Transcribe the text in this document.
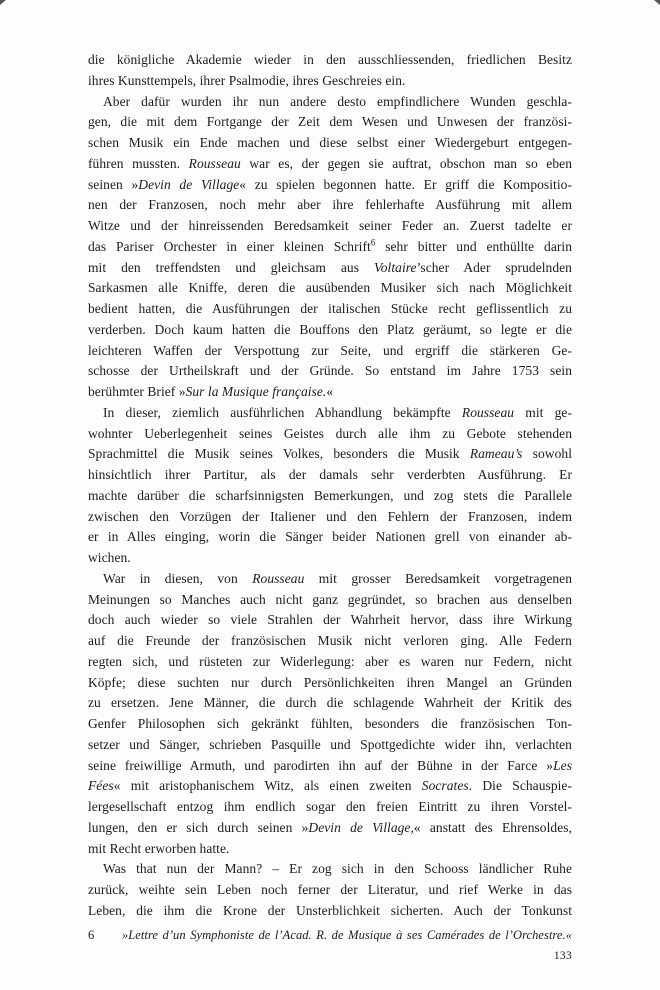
die königliche Akademie wieder in den ausschliessenden, friedlichen Besitz
ihres Kunsttempels, ihrer Psalmodie, ihres Geschreies ein.
Aber dafür wurden ihr nun andere desto empfindlichere Wunden geschla-
gen, die mit dem Fortgange der Zeit dem Wesen und Unwesen der französi-
schen Musik ein Ende machen und diese selbst einer Wiedergeburt entgegen-
führen mussten. Rousseau war es, der gegen sie auftrat, obschon man so eben
seinen »Devin de Village« zu spielen begonnen hatte. Er griff die Kompositio-
nen der Franzosen, noch mehr aber ihre fehlerhafte Ausführung mit allem
Witze und der hinreissenden Beredsamkeit seiner Feder an. Zuerst tadelte er
das Pariser Orchester in einer kleinen Schrift$^6$ sehr bitter und enthüllte darin
mit den treffendsten und gleichsam aus Voltaire’scher Ader sprudelnden
Sarkasmen alle Kniffe, deren die ausübenden Musiker sich nach Möglichkeit
bedient hatten, die Ausführungen der italischen Stücke recht geflissentlich zu
verderben. Doch kaum hatten die Bouffons den Platz geräumt, so legte er die
leichteren Waffen der Verspottung zur Seite, und ergriff die stärkeren Ge-
schosse der Urtheilskraft und der Gründe. So entstand im Jahre 1753 sein
berühmter Brief »Sur la Musique française.«
In dieser, ziemlich ausführlichen Abhandlung bekämpfte Rousseau mit ge-
wohnter Ueberlegenheit seines Geistes durch alle ihm zu Gebote stehenden
Sprachmittel die Musik seines Volkes, besonders die Musik Rameau’s sowohl
hinsichtlich ihrer Partitur, als der damals sehr verderbten Ausführung. Er
machte darüber die scharfsinnigsten Bemerkungen, und zog stets die Parallele
zwischen den Vorzügen der Italiener und den Fehlern der Franzosen, indem
er in Alles einging, worin die Sänger beider Nationen grell von einander ab-
wichen.
War in diesen, von Rousseau mit grosser Beredsamkeit vorgetragenen
Meinungen so Manches auch nicht ganz gegründet, so brachen aus denselben
doch auch wieder so viele Strahlen der Wahrheit hervor, dass ihre Wirkung
auf die Freunde der französischen Musik nicht verloren ging. Alle Federn
regten sich, und rüsteten zur Widerlegung: aber es waren nur Federn, nicht
Köpfe; diese suchten nur durch Persönlichkeiten ihren Mangel an Gründen
zu ersetzen. Jene Männer, die durch die schlagende Wahrheit der Kritik des
Genfer Philosophen sich gekränkt fühlten, besonders die französischen Ton-
setzer und Sänger, schrieben Pasquille und Spottgedichte wider ihn, verlachten
seine freiwillige Armuth, und parodirten ihn auf der Bühne in der Farce »Les
Fées« mit aristophanischem Witz, als einen zweiten Socrates. Die Schauspie-
lergesellschaft entzog ihm endlich sogar den freien Eintritt zu ihren Vorstel-
lungen, den er sich durch seinen »Devin de Village,« anstatt des Ehrensoldes,
mit Recht erworben hatte.
Was that nun der Mann? – Er zog sich in den Schooss ländlicher Ruhe
zurück, weihte sein Leben noch ferner der Literatur, und rief Werke in das
Leben, die ihm die Krone der Unsterblichkeit sicherten. Auch der Tonkunst
6	»Lettre d’un Symphoniste de l’Acad. R. de Musique à ses Camérades de l’Orchestre.«
133
